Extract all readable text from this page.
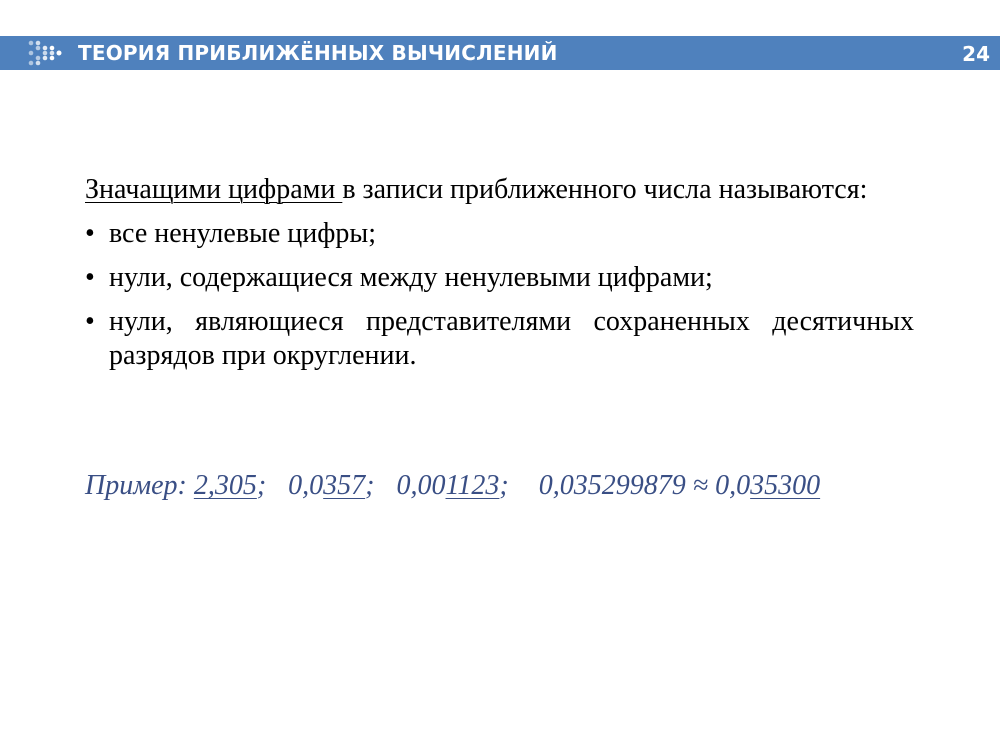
ТЕОРИЯ ПРИБЛИЖЁННЫХ ВЫЧИСЛЕНИЙ	24

Значащими цифрами в записи приближенного числа называются:

• все ненулевые цифры;
• нули, содержащиеся между ненулевыми цифрами;
• нули, являющиеся представителями сохраненных десятичных разрядов при округлении.
Пример: 2,305; 0,0357; 0,001123; 0,035299879 ≈ 0,035300
